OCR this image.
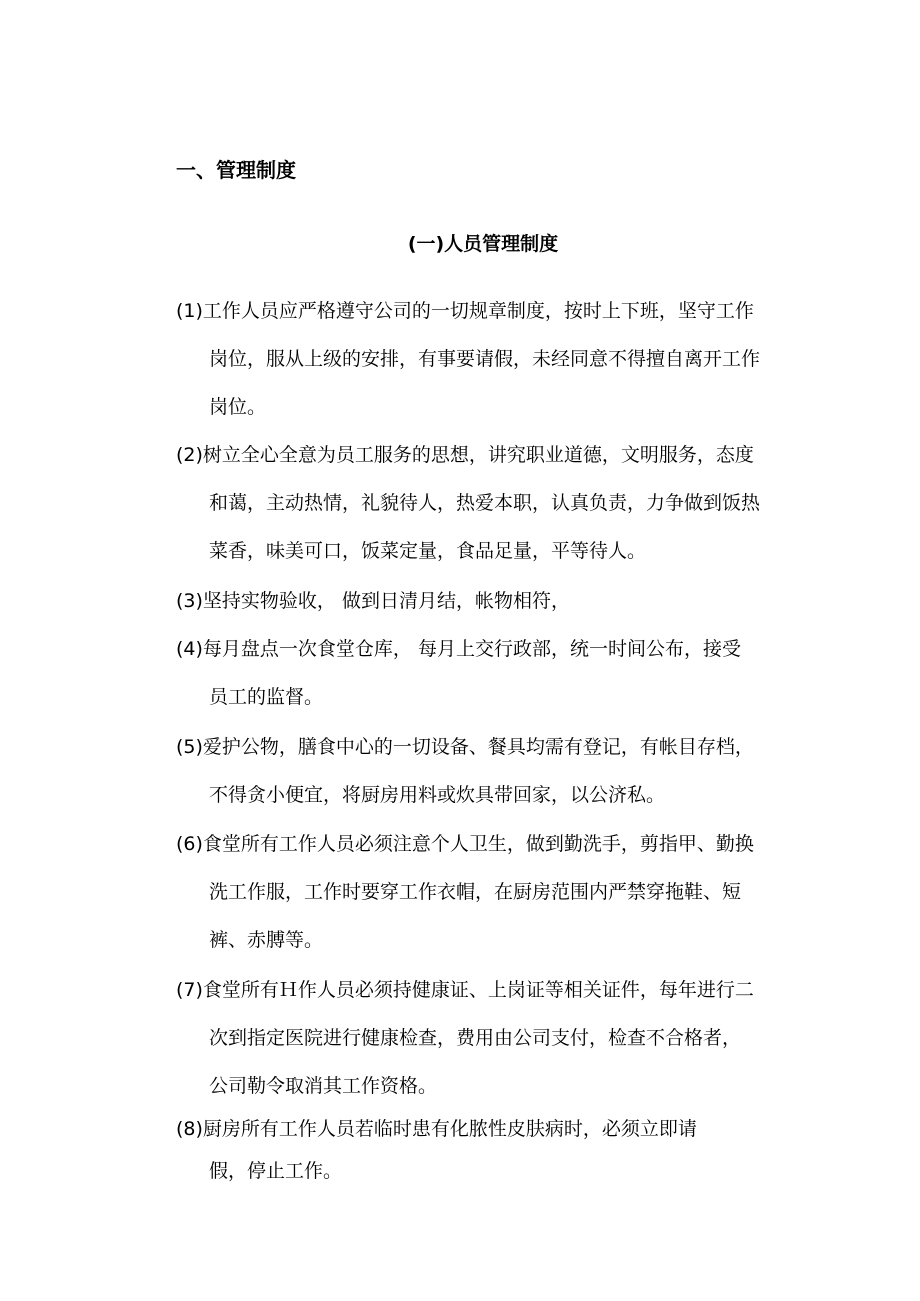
一、管理制度
(一)人员管理制度
(1)工作人员应严格遵守公司的一切规章制度，按时上下班，坚守工作
岗位，服从上级的安排，有事要请假，未经同意不得擅自离开工作
岗位。
(2)树立全心全意为员工服务的思想，讲究职业道德，文明服务，态度
和蔼，主动热情，礼貌待人，热爱本职，认真负责，力争做到饭热
菜香，味美可口，饭菜定量，食品足量，平等待人。
(3)坚持实物验收， 做到日清月结，帐物相符，
(4)每月盘点一次食堂仓库， 每月上交行政部，统一时间公布，接受
员工的监督。
(5)爱护公物，膳食中心的一切设备、餐具均需有登记，有帐目存档，
不得贪小便宜，将厨房用料或炊具带回家，以公济私。
(6)食堂所有工作人员必须注意个人卫生，做到勤洗手，剪指甲、勤换
洗工作服，工作时要穿工作衣帽，在厨房范围内严禁穿拖鞋、短
裤、赤膊等。
(7)食堂所有Ｈ作人员必须持健康证、上岗证等相关证件，每年进行二
次到指定医院进行健康检查，费用由公司支付，检查不合格者，
公司勒令取消其工作资格。
(8)厨房所有工作人员若临时患有化脓性皮肤病时，必须立即请
假，停止工作。
